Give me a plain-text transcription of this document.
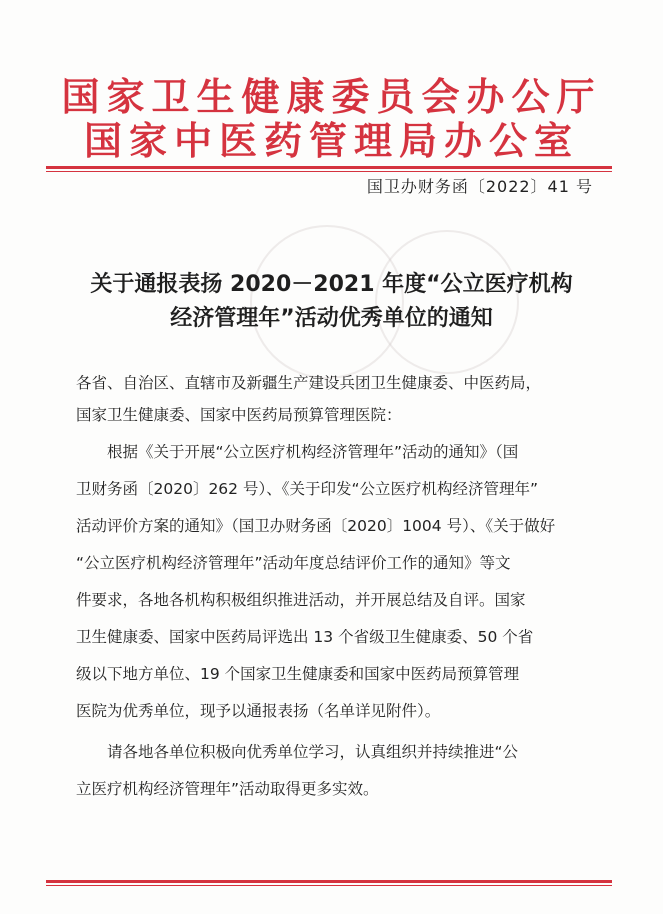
国家卫生健康委员会办公厅
国家中医药管理局办公室
国卫办财务函〔2022〕41 号
关于通报表扬 2020－2021 年度“公立医疗机构
经济管理年”活动优秀单位的通知
各省、自治区、直辖市及新疆生产建设兵团卫生健康委、中医药局，
国家卫生健康委、国家中医药局预算管理医院：
　　根据《关于开展“公立医疗机构经济管理年”活动的通知》（国
卫财务函〔2020〕262 号）、《关于印发“公立医疗机构经济管理年”
活动评价方案的通知》（国卫办财务函〔2020〕1004 号）、《关于做好
“公立医疗机构经济管理年”活动年度总结评价工作的通知》等文
件要求，各地各机构积极组织推进活动，并开展总结及自评。国家
卫生健康委、国家中医药局评选出 13 个省级卫生健康委、50 个省
级以下地方单位、19 个国家卫生健康委和国家中医药局预算管理
医院为优秀单位，现予以通报表扬（名单详见附件）。
　　请各地各单位积极向优秀单位学习，认真组织并持续推进“公
立医疗机构经济管理年”活动取得更多实效。
